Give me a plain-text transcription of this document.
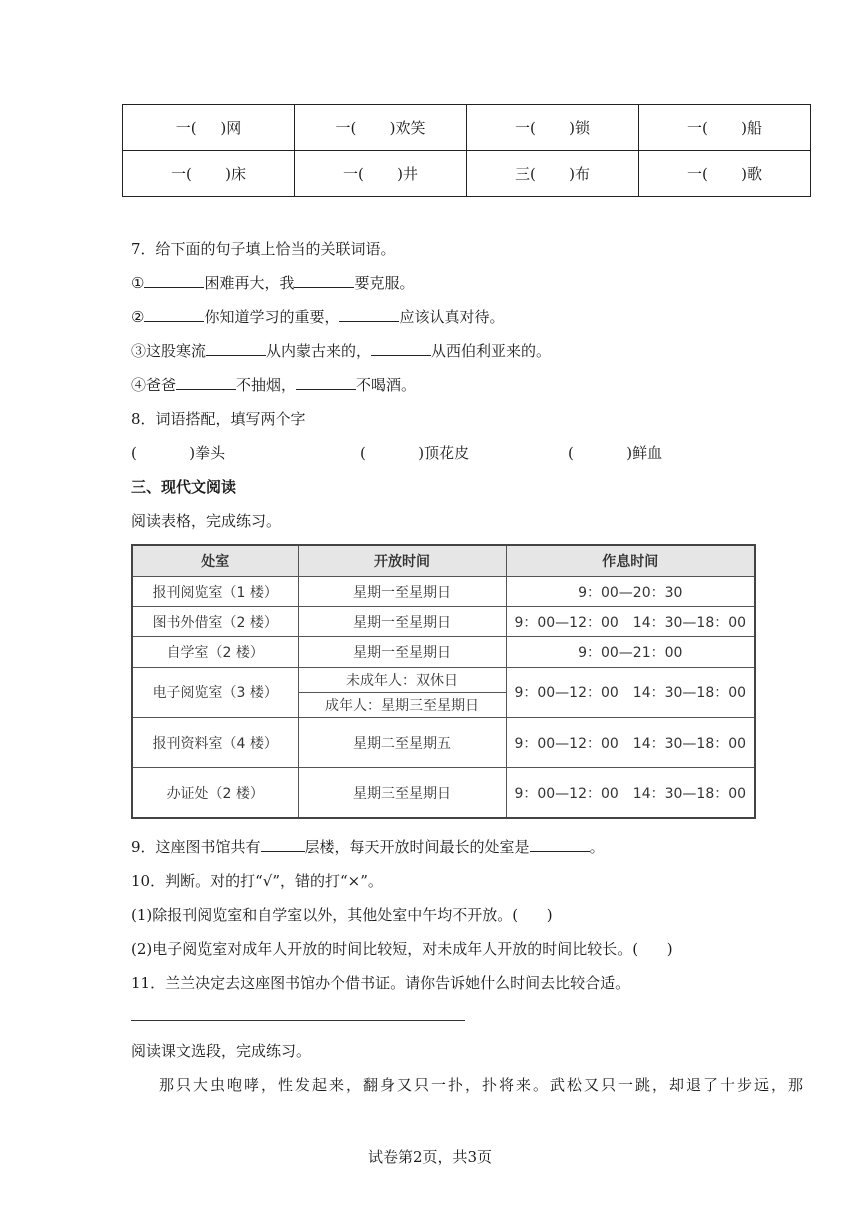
一(     )网	一(       )欢笑	一(       )锁	一(       )船
一(       )床	一(       )井	三(       )布	一(       )歌
7．给下面的句子填上恰当的关联词语。
①	困难再大，我	要克服。
②	你知道学习的重要，	应该认真对待。
③这股寒流	从内蒙古来的，	从西伯利亚来的。
④爸爸	不抽烟，	不喝酒。
8．词语搭配，填写两个字
(           )拳头	(           )顶花皮	(           )鲜血
三、现代文阅读
阅读表格，完成练习。
处室	开放时间	作息时间
报刊阅览室（1 楼）	星期一至星期日	9：00—20：30
图书外借室（2 楼）	星期一至星期日	9：00—12：00　14：30—18：00
自学室（2 楼）	星期一至星期日	9：00—21：00
电子阅览室（3 楼）	未成年人：双休日	9：00—12：00　14：30—18：00
	成年人：星期三至星期日	
报刊资料室（4 楼）	星期二至星期五	9：00—12：00　14：30—18：00
办证处（2 楼）	星期三至星期日	9：00—12：00　14：30—18：00
9．这座图书馆共有	层楼，每天开放时间最长的处室是	。
10．判断。对的打“√”，错的打“×”。
(1)除报刊阅览室和自学室以外，其他处室中午均不开放。(      )
(2)电子阅览室对成年人开放的时间比较短，对未成年人开放的时间比较长。(      )
11．兰兰决定去这座图书馆办个借书证。请你告诉她什么时间去比较合适。
阅读课文选段，完成练习。
那只大虫咆哮，性发起来，翻身又只一扑，扑将来。武松又只一跳，却退了十步远，那
试卷第2页，共3页
